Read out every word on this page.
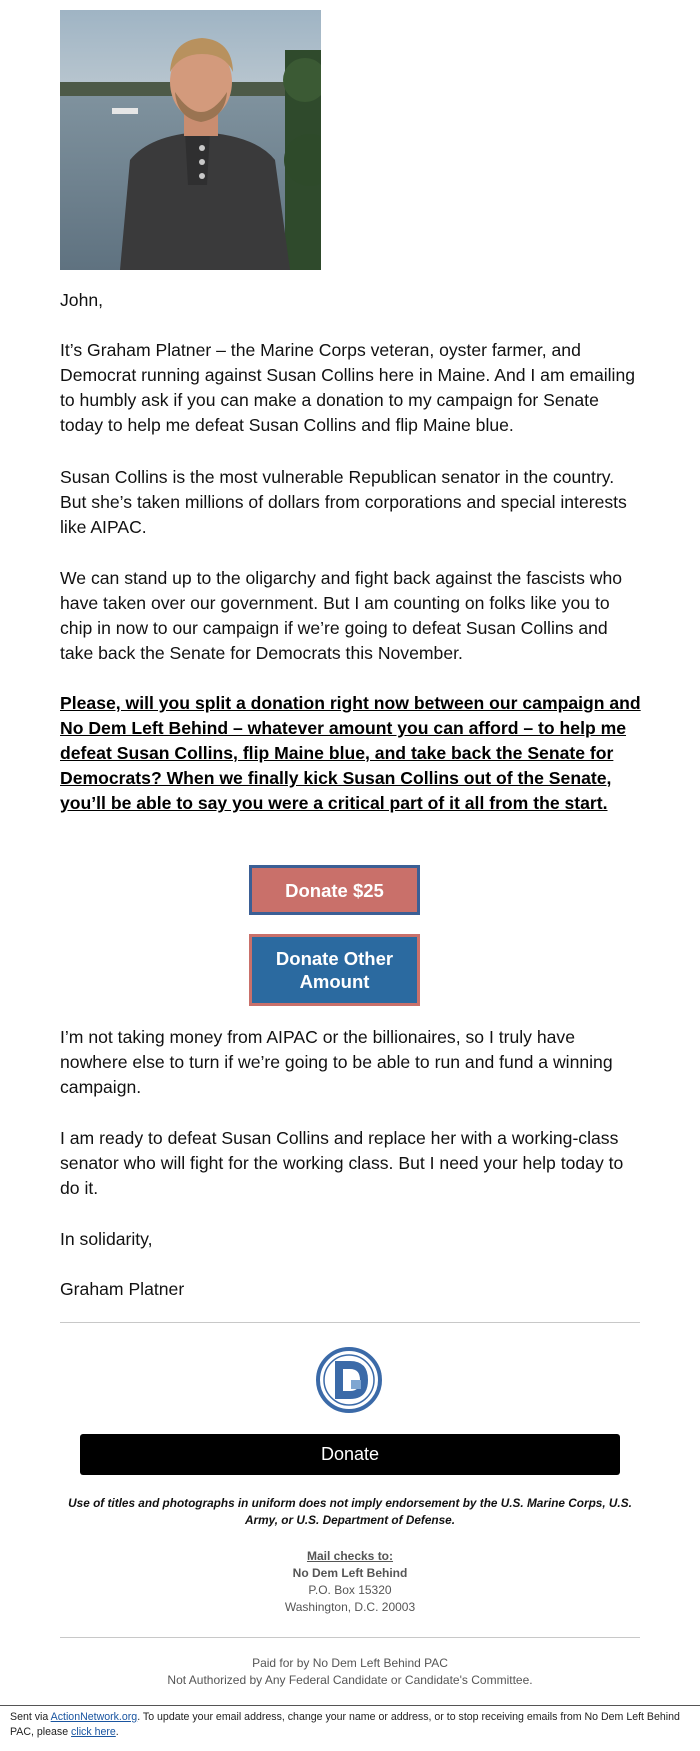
John,

It’s Graham Platner – the Marine Corps veteran, oyster farmer, and Democrat running against Susan Collins here in Maine. And I am emailing to humbly ask if you can make a donation to my campaign for Senate today to help me defeat Susan Collins and flip Maine blue.

Susan Collins is the most vulnerable Republican senator in the country. But she’s taken millions of dollars from corporations and special interests like AIPAC.

We can stand up to the oligarchy and fight back against the fascists who have taken over our government. But I am counting on folks like you to chip in now to our campaign if we’re going to defeat Susan Collins and take back the Senate for Democrats this November.

Please, will you split a donation right now between our campaign and No Dem Left Behind – whatever amount you can afford – to help me defeat Susan Collins, flip Maine blue, and take back the Senate for Democrats? When we finally kick Susan Collins out of the Senate, you’ll be able to say you were a critical part of it all from the start.

Donate $25
Donate Other Amount

I’m not taking money from AIPAC or the billionaires, so I truly have nowhere else to turn if we’re going to be able to run and fund a winning campaign.

I am ready to defeat Susan Collins and replace her with a working-class senator who will fight for the working class. But I need your help today to do it.

In solidarity,

Graham Platner

Donate
Use of titles and photographs in uniform does not imply endorsement by the U.S. Marine Corps, U.S. Army, or U.S. Department of Defense.
Mail checks to:
No Dem Left Behind
P.O. Box 15320
Washington, D.C. 20003
Paid for by No Dem Left Behind PAC
Not Authorized by Any Federal Candidate or Candidate's Committee.
Sent via ActionNetwork.org. To update your email address, change your name or address, or to stop receiving emails from No Dem Left Behind PAC, please click here.
